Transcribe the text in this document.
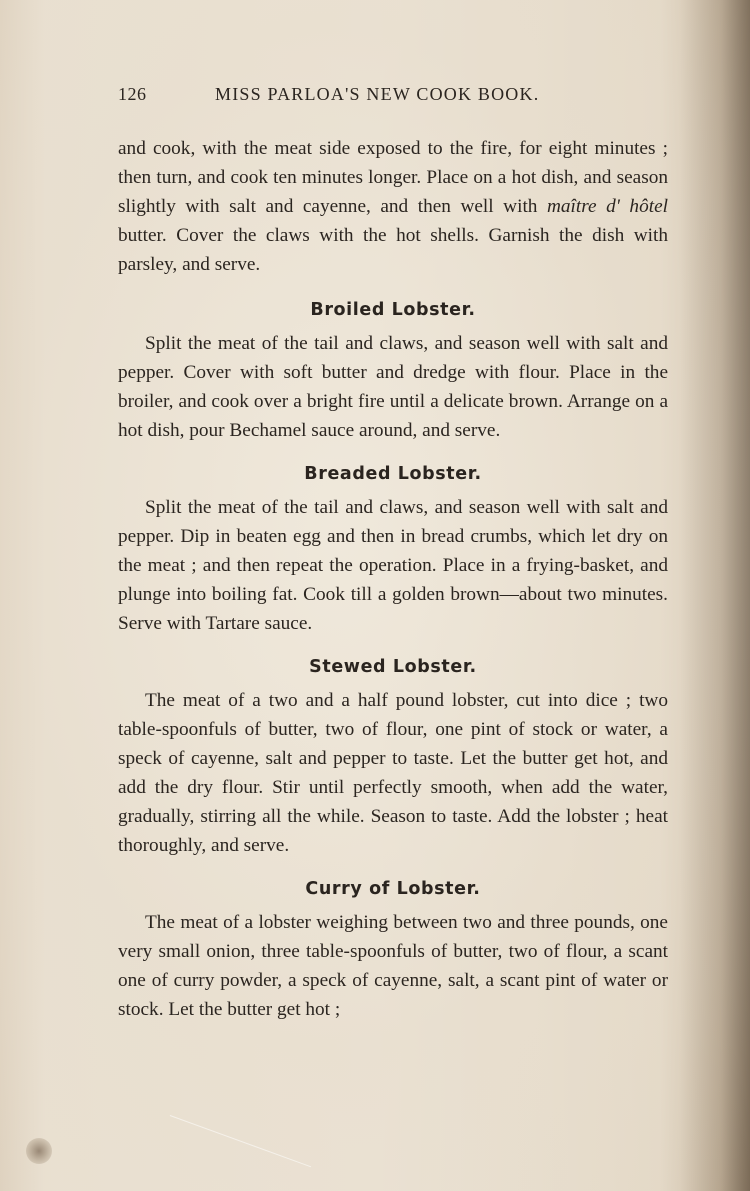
126	MISS PARLOA'S NEW COOK BOOK.

and cook, with the meat side exposed to the fire, for eight minutes ; then turn, and cook ten minutes longer. Place on a hot dish, and season slightly with salt and cayenne, and then well with maître d' hôtel butter. Cover the claws with the hot shells. Garnish the dish with parsley, and serve.

Broiled Lobster.

Split the meat of the tail and claws, and season well with salt and pepper. Cover with soft butter and dredge with flour. Place in the broiler, and cook over a bright fire until a delicate brown. Arrange on a hot dish, pour Bechamel sauce around, and serve.

Breaded Lobster.

Split the meat of the tail and claws, and season well with salt and pepper. Dip in beaten egg and then in bread crumbs, which let dry on the meat ; and then repeat the operation. Place in a frying-basket, and plunge into boiling fat. Cook till a golden brown—about two minutes. Serve with Tartare sauce.

Stewed Lobster.

The meat of a two and a half pound lobster, cut into dice ; two table-spoonfuls of butter, two of flour, one pint of stock or water, a speck of cayenne, salt and pepper to taste. Let the butter get hot, and add the dry flour. Stir until perfectly smooth, when add the water, gradually, stirring all the while. Season to taste. Add the lobster ; heat thoroughly, and serve.

Curry of Lobster.

The meat of a lobster weighing between two and three pounds, one very small onion, three table-spoonfuls of butter, two of flour, a scant one of curry powder, a speck of cayenne, salt, a scant pint of water or stock. Let the butter get hot ;
